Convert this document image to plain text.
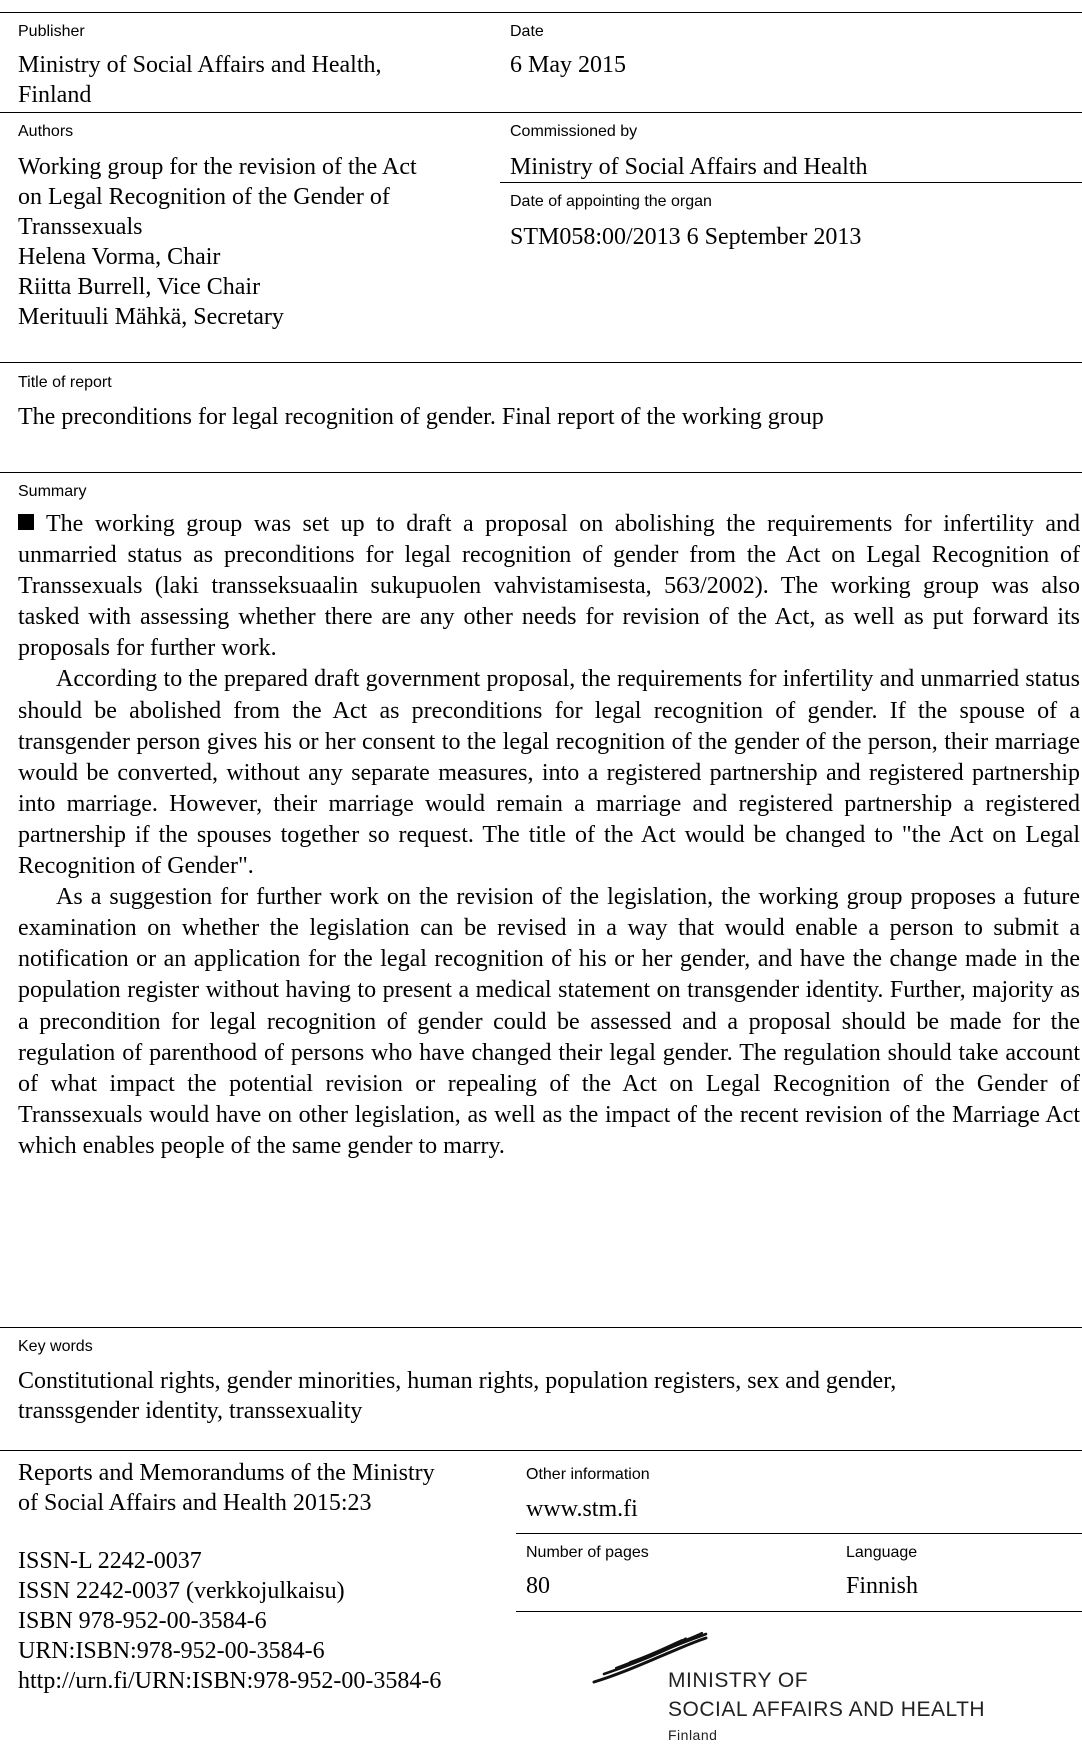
Publisher
Ministry of Social Affairs and Health,
Finland
Date
6 May 2015
Authors
Working group for the revision of the Act
on Legal Recognition of the Gender of
Transsexuals
Helena Vorma, Chair
Riitta Burrell, Vice Chair
Merituuli Mähkä, Secretary
Commissioned by
Ministry of Social Affairs and Health
Date of appointing the organ
STM058:00/2013 6 September 2013
Title of report
The preconditions for legal recognition of gender. Final report of the working group
Summary

The working group was set up to draft a proposal on abolishing the requirements for infertility and unmarried status as preconditions for legal recognition of gender from the Act on Legal Recognition of Transsexuals (laki transseksuaalin sukupuolen vahvistamisesta, 563/2002). The working group was also tasked with assessing whether there are any other needs for revision of the Act, as well as put forward its proposals for further work.

According to the prepared draft government proposal, the requirements for infertility and unmarried status should be abolished from the Act as preconditions for legal recognition of gender. If the spouse of a transgender person gives his or her consent to the legal recognition of the gender of the person, their marriage would be converted, without any separate measures, into a registered partnership and registered partnership into marriage. However, their marriage would remain a marriage and registered partnership a registered partnership if the spouses together so request. The title of the Act would be changed to "the Act on Legal Recognition of Gender".

As a suggestion for further work on the revision of the legislation, the working group proposes a future examination on whether the legislation can be revised in a way that would enable a person to submit a notification or an application for the legal recognition of his or her gender, and have the change made in the population register without having to present a medical statement on transgender identity. Further, majority as a precondition for legal recognition of gender could be assessed and a proposal should be made for the regulation of parenthood of persons who have changed their legal gender. The regulation should take account of what impact the potential revision or repealing of the Act on Legal Recognition of the Gender of Transsexuals would have on other legislation, as well as the impact of the recent revision of the Marriage Act which enables people of the same gender to marry.

Key words
Constitutional rights, gender minorities, human rights, population registers, sex and gender,
transsgender identity, transsexuality
Reports and Memorandums of the Ministry
of Social Affairs and Health 2015:23
ISSN-L 2242-0037
ISSN 2242-0037 (verkkojulkaisu)
ISBN 978-952-00-3584-6
URN:ISBN:978-952-00-3584-6
http://urn.fi/URN:ISBN:978-952-00-3584-6
Other information
www.stm.fi
Number of pages
80
Language
Finnish
MINISTRY OF
SOCIAL AFFAIRS AND HEALTH
Finland
